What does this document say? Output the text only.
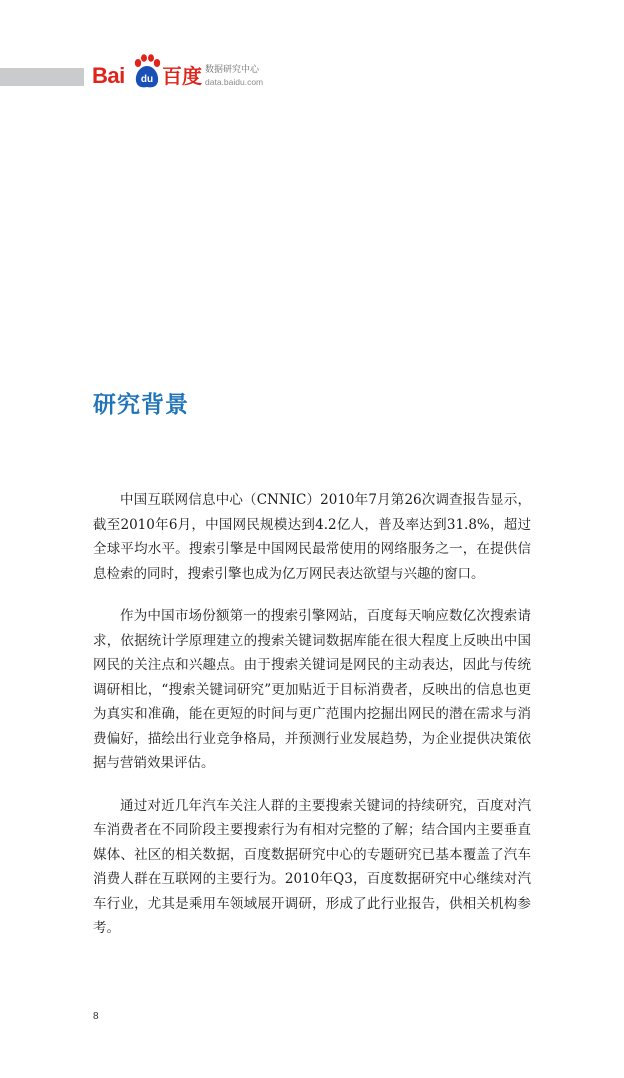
Bai du 百度 数据研究中心
data.baidu.com
研究背景

中国互联网信息中心（CNNIC）2010年7月第26次调查报告显示，截至2010年6月，中国网民规模达到4.2亿人，普及率达到31.8%，超过全球平均水平。搜索引擎是中国网民最常使用的网络服务之一，在提供信息检索的同时，搜索引擎也成为亿万网民表达欲望与兴趣的窗口。

作为中国市场份额第一的搜索引擎网站，百度每天响应数亿次搜索请求，依据统计学原理建立的搜索关键词数据库能在很大程度上反映出中国网民的关注点和兴趣点。由于搜索关键词是网民的主动表达，因此与传统调研相比，“搜索关键词研究”更加贴近于目标消费者，反映出的信息也更为真实和准确，能在更短的时间与更广范围内挖掘出网民的潜在需求与消费偏好，描绘出行业竞争格局，并预测行业发展趋势，为企业提供决策依据与营销效果评估。

通过对近几年汽车关注人群的主要搜索关键词的持续研究，百度对汽车消费者在不同阶段主要搜索行为有相对完整的了解；结合国内主要垂直媒体、社区的相关数据，百度数据研究中心的专题研究已基本覆盖了汽车消费人群在互联网的主要行为。2010年Q3，百度数据研究中心继续对汽车行业，尤其是乘用车领域展开调研，形成了此行业报告，供相关机构参考。

8
